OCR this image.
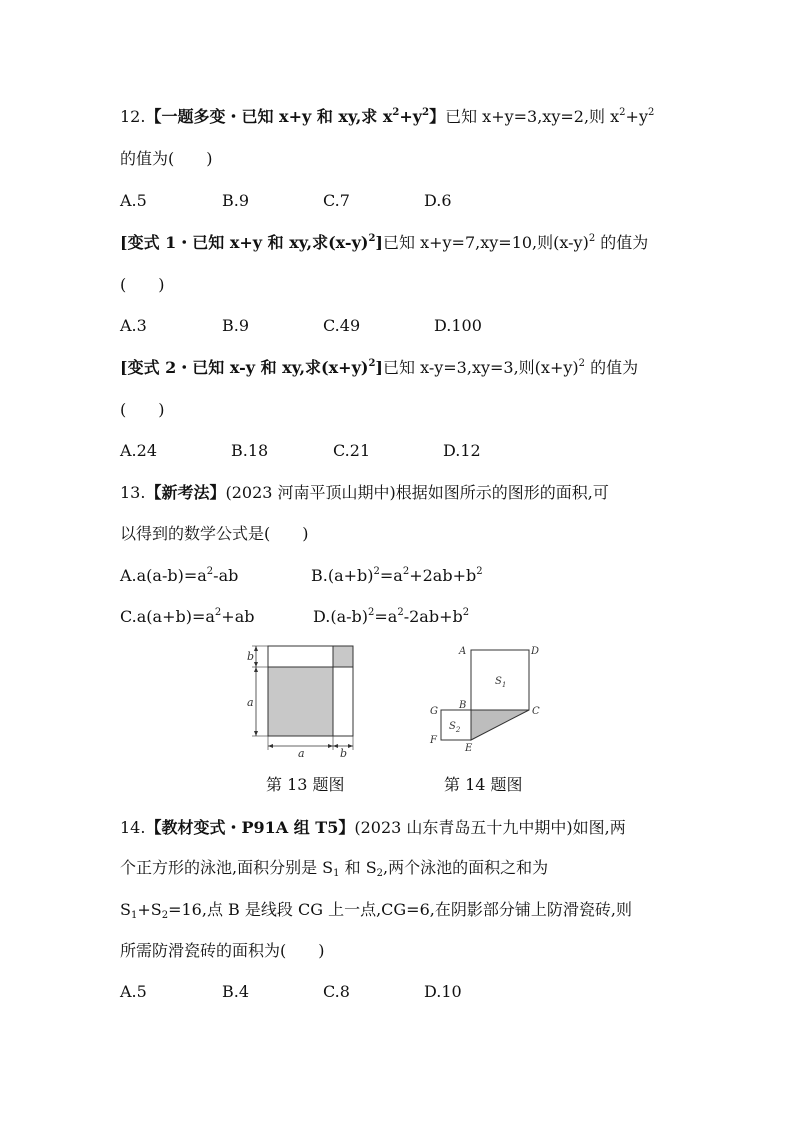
12.【一题多变・已知 x+y 和 xy,求 $x^2+y^2$】已知 x+y=3,xy=2,则 $x^2+y^2$
的值为(　　)
A.5	B.9	C.7	D.6
[变式 1・已知 x+y 和 xy,求$(x-y)^2$]已知 x+y=7,xy=10,则$(x-y)^2$ 的值为
(　　)
A.3	B.9	C.49	D.100
[变式 2・已知 x-y 和 xy,求$(x+y)^2$]已知 x-y=3,xy=3,则$(x+y)^2$ 的值为
(　　)
A.24	B.18	C.21	D.12
13.【新考法】(2023 河南平顶山期中)根据如图所示的图形的面积,可
以得到的数学公式是(　　)
$A.a(a-b)=a^2-ab$	$B.(a+b)^2=a^2+2ab+b^2$
$C.a(a+b)=a^2+ab$	$D.(a-b)^2=a^2-2ab+b^2$
b
a
a	b
A	D
B
C
G
F
E
$S_1$
$S_2$
第 13 题图	第 14 题图
14.【教材变式・P91A 组 T5】(2023 山东青岛五十九中期中)如图,两
个正方形的泳池,面积分别是 $S_1$ 和 $S_2$,两个泳池的面积之和为
$S_1+S_2=16$,点 B 是线段 CG 上一点,CG=6,在阴影部分铺上防滑瓷砖,则
所需防滑瓷砖的面积为(　　)
A.5	B.4	C.8	D.10
